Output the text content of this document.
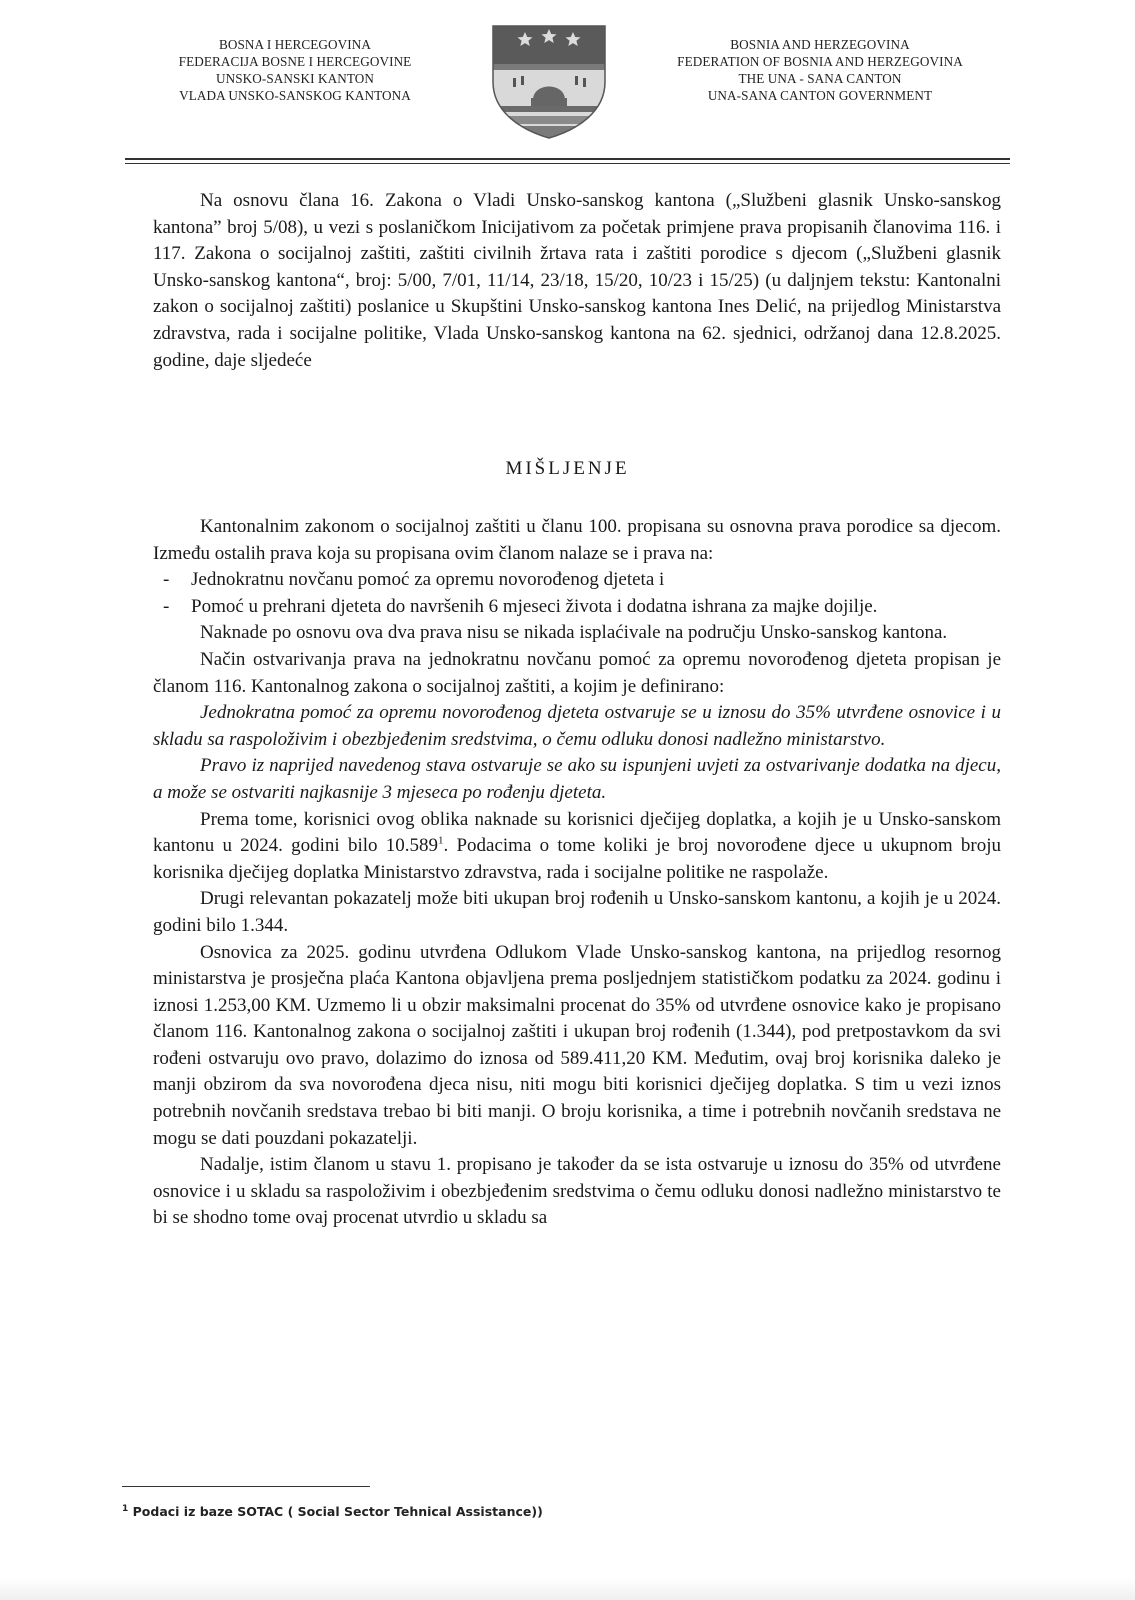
BOSNA I HERCEGOVINA
FEDERACIJA BOSNE I HERCEGOVINE
UNSKO-SANSKI KANTON
VLADA UNSKO-SANSKOG KANTONA
BOSNIA AND HERZEGOVINA
FEDERATION OF BOSNIA AND HERZEGOVINA
THE UNA - SANA CANTON
UNA-SANA CANTON GOVERNMENT

Na osnovu člana 16. Zakona o Vladi Unsko-sanskog kantona („Službeni glasnik Unsko-sanskog kantona” broj 5/08), u vezi s poslaničkom Inicijativom za početak primjene prava propisanih članovima 116. i 117. Zakona o socijalnoj zaštiti, zaštiti civilnih žrtava rata i zaštiti porodice s djecom („Službeni glasnik Unsko-sanskog kantona“, broj: 5/00, 7/01, 11/14, 23/18, 15/20, 10/23 i 15/25) (u daljnjem tekstu: Kantonalni zakon o socijalnoj zaštiti) poslanice u Skupštini Unsko-sanskog kantona Ines Delić, na prijedlog Ministarstva zdravstva, rada i socijalne politike, Vlada Unsko-sanskog kantona na 62. sjednici, održanoj dana 12.8.2025. godine, daje sljedeće

MIŠLJENJE

Kantonalnim zakonom o socijalnoj zaštiti u članu 100. propisana su osnovna prava porodice sa djecom. Između ostalih prava koja su propisana ovim članom nalaze se i prava na:

- Jednokratnu novčanu pomoć za opremu novorođenog djeteta i
- Pomoć u prehrani djeteta do navršenih 6 mjeseci života i dodatna ishrana za majke dojilje.

Naknade po osnovu ova dva prava nisu se nikada isplaćivale na području Unsko-sanskog kantona.

Način ostvarivanja prava na jednokratnu novčanu pomoć za opremu novorođenog djeteta propisan je članom 116. Kantonalnog zakona o socijalnoj zaštiti, a kojim je definirano:

Jednokratna pomoć za opremu novorođenog djeteta ostvaruje se u iznosu do 35% utvrđene osnovice i u skladu sa raspoloživim i obezbjeđenim sredstvima, o čemu odluku donosi nadležno ministarstvo.

Pravo iz naprijed navedenog stava ostvaruje se ako su ispunjeni uvjeti za ostvarivanje dodatka na djecu, a može se ostvariti najkasnije 3 mjeseca po rođenju djeteta.

Prema tome, korisnici ovog oblika naknade su korisnici dječijeg doplatka, a kojih je u Unsko-sanskom kantonu u 2024. godini bilo 10.589$^1$. Podacima o tome koliki je broj novorođene djece u ukupnom broju korisnika dječijeg doplatka Ministarstvo zdravstva, rada i socijalne politike ne raspolaže.

Drugi relevantan pokazatelj može biti ukupan broj rođenih u Unsko-sanskom kantonu, a kojih je u 2024. godini bilo 1.344.

Osnovica za 2025. godinu utvrđena Odlukom Vlade Unsko-sanskog kantona, na prijedlog resornog ministarstva je prosječna plaća Kantona objavljena prema posljednjem statističkom podatku za 2024. godinu i iznosi 1.253,00 KM. Uzmemo li u obzir maksimalni procenat do 35% od utvrđene osnovice kako je propisano članom 116. Kantonalnog zakona o socijalnoj zaštiti i ukupan broj rođenih (1.344), pod pretpostavkom da svi rođeni ostvaruju ovo pravo, dolazimo do iznosa od 589.411,20 KM. Međutim, ovaj broj korisnika daleko je manji obzirom da sva novorođena djeca nisu, niti mogu biti korisnici dječijeg doplatka. S tim u vezi iznos potrebnih novčanih sredstava trebao bi biti manji. O broju korisnika, a time i potrebnih novčanih sredstava ne mogu se dati pouzdani pokazatelji.

Nadalje, istim članom u stavu 1. propisano je također da se ista ostvaruje u iznosu do 35% od utvrđene osnovice i u skladu sa raspoloživim i obezbjeđenim sredstvima o čemu odluku donosi nadležno ministarstvo te bi se shodno tome ovaj procenat utvrdio u skladu sa

$^1$ Podaci iz baze SOTAC ( Social Sector Tehnical Assistance))
